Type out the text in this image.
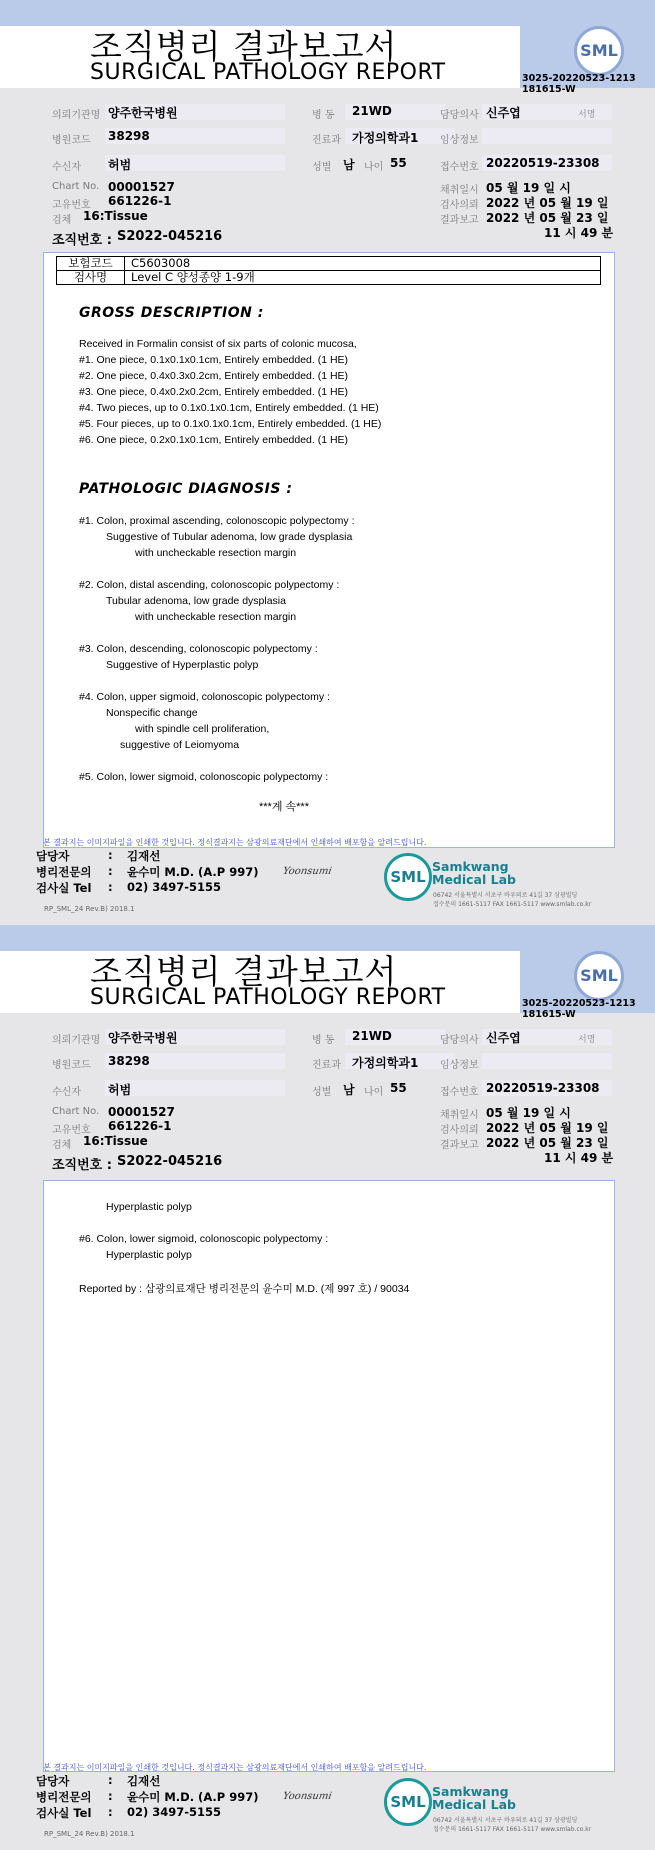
조직병리 결과보고서
SURGICAL PATHOLOGY REPORT
SML
3025-20220523-1213
181615-W
의뢰기관명 양주한국병원
병원코드 38298
수신자 허범
Chart No. 00001527
고유번호 661226-1
검체 16:Tissue
조직번호 : S2022-045216
병 동 21WD
진료과 가정의학과1
성별 남 나이 55
담당의사 신주엽	서명
임상정보
접수번호 20220519-23308
채취일시 05 월 19 일 시
검사의뢰 2022 년 05 월 19 일
결과보고 2022 년 05 월 23 일
11 시 49 분
보험코드	C5603008
검사명	Level C 양성종양 1-9개
GROSS DESCRIPTION :
Received in Formalin consist of six parts of colonic mucosa,
#1. One piece, 0.1x0.1x0.1cm, Entirely embedded. (1 HE)
#2. One piece, 0.4x0.3x0.2cm, Entirely embedded. (1 HE)
#3. One piece, 0.4x0.2x0.2cm, Entirely embedded. (1 HE)
#4. Two pieces, up to 0.1x0.1x0.1cm, Entirely embedded. (1 HE)
#5. Four pieces, up to 0.1x0.1x0.1cm, Entirely embedded. (1 HE)
#6. One piece, 0.2x0.1x0.1cm, Entirely embedded. (1 HE)
PATHOLOGIC DIAGNOSIS :
#1. Colon, proximal ascending, colonoscopic polypectomy :
Suggestive of Tubular adenoma, low grade dysplasia
with uncheckable resection margin
#2. Colon, distal ascending, colonoscopic polypectomy :
Tubular adenoma, low grade dysplasia
with uncheckable resection margin
#3. Colon, descending, colonoscopic polypectomy :
Suggestive of Hyperplastic polyp
#4. Colon, upper sigmoid, colonoscopic polypectomy :
Nonspecific change
with spindle cell proliferation,
suggestive of Leiomyoma
#5. Colon, lower sigmoid, colonoscopic polypectomy :
***계 속***
본 결과지는 이미지파일을 인쇄한 것입니다. 정식결과지는 삼광의료재단에서 인쇄하여 배포함을 알려드립니다.
담당자	: 김재선
병리전문의 : 윤수미 M.D. (A.P 997)
검사실 Tel : 02) 3497-5155
Yoonsumi	SML
Samkwang
Medical Lab
06742 서울특별시 서초구 바우뫼로 41길 37 삼광빌딩
접수문의 1661-5117 FAX 1661-5117 www.smlab.co.kr
RP_SML_24 Rev.B) 2018.1
조직병리 결과보고서
SURGICAL PATHOLOGY REPORT
SML
3025-20220523-1213
181615-W
의뢰기관명 양주한국병원
병원코드 38298
수신자 허범
Chart No. 00001527
고유번호 661226-1
검체 16:Tissue
조직번호 : S2022-045216
병 동 21WD
진료과 가정의학과1
성별 남 나이 55
담당의사 신주엽	서명
임상정보
접수번호 20220519-23308
채취일시 05 월 19 일 시
검사의뢰 2022 년 05 월 19 일
결과보고 2022 년 05 월 23 일
11 시 49 분
Hyperplastic polyp
#6. Colon, lower sigmoid, colonoscopic polypectomy :
Hyperplastic polyp
Reported by : 삼광의료재단 병리전문의 윤수미 M.D. (제 997 호) / 90034
본 결과지는 이미지파일을 인쇄한 것입니다. 정식결과지는 삼광의료재단에서 인쇄하여 배포함을 알려드립니다.
담당자	: 김재선
병리전문의 : 윤수미 M.D. (A.P 997)
검사실 Tel : 02) 3497-5155
Yoonsumi	SML
Samkwang
Medical Lab
06742 서울특별시 서초구 바우뫼로 41길 37 삼광빌딩
접수문의 1661-5117 FAX 1661-5117 www.smlab.co.kr
RP_SML_24 Rev.B) 2018.1
